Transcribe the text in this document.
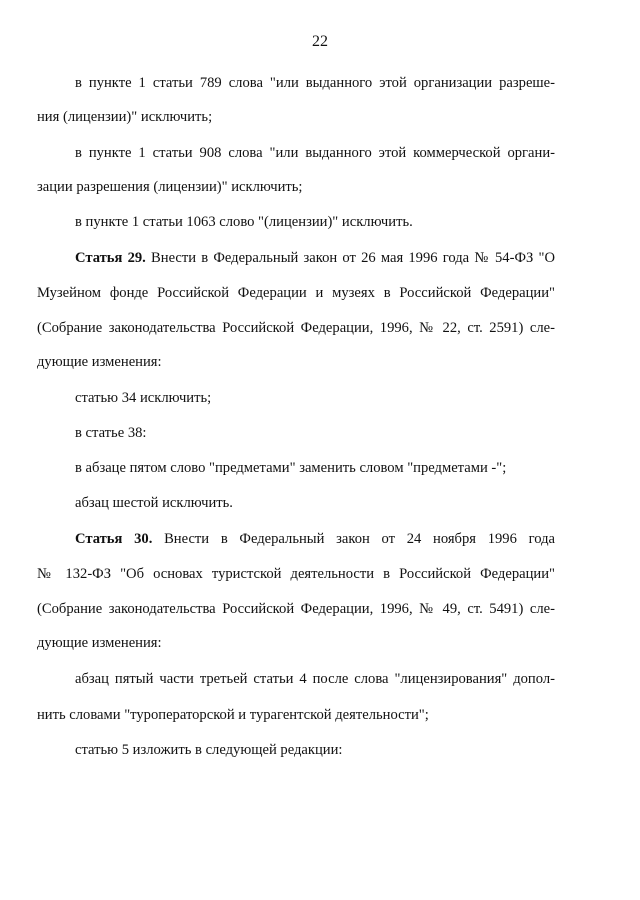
22
в пункте 1 статьи 789 слова "или выданного этой организации разреше-
ния (лицензии)" исключить;
в пункте 1 статьи 908 слова "или выданного этой коммерческой органи-
зации разрешения (лицензии)" исключить;
в пункте 1 статьи 1063 слово "(лицензии)" исключить.
Статья 29. Внести в Федеральный закон от 26 мая 1996 года № 54-ФЗ "О
Музейном фонде Российской Федерации и музеях в Российской Федерации"
(Собрание законодательства Российской Федерации, 1996, № 22, ст. 2591) сле-
дующие изменения:
статью 34 исключить;
в статье 38:
в абзаце пятом слово "предметами" заменить словом "предметами -";
абзац шестой исключить.
Статья 30. Внести в Федеральный закон от 24 ноября 1996 года
№ 132-ФЗ "Об основах туристской деятельности в Российской Федерации"
(Собрание законодательства Российской Федерации, 1996, № 49, ст. 5491) сле-
дующие изменения:
абзац пятый части третьей статьи 4 после слова "лицензирования" допол-
нить словами "туроператорской и турагентской деятельности";
статью 5 изложить в следующей редакции:
